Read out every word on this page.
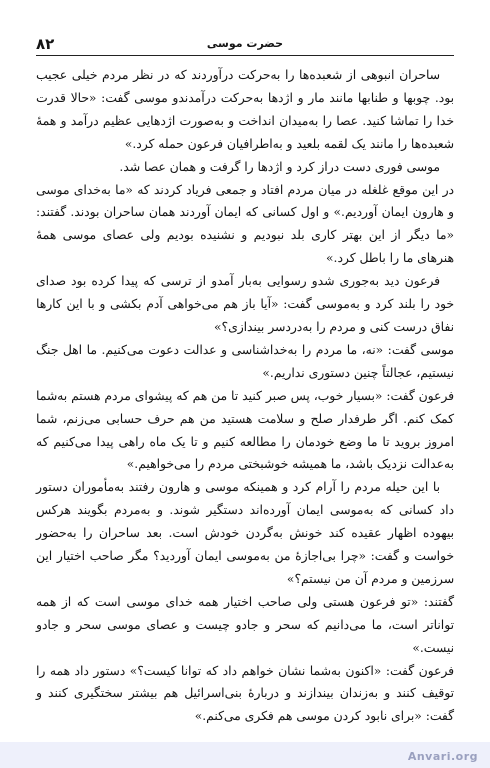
۸۲	حضرت موسی

ساحران انبوهی از شعبده‌ها را به‌حرکت درآوردند که در نظر مردم خیلی عجیب بود. چوبها و طنابها مانند مار و اژدها به‌حرکت درآمدندو موسی گفت: «حالا قدرت خدا را تماشا کنید. عصا را به‌میدان انداخت و به‌صورت اژدهایی عظیم درآمد و همهٔ شعبده‌ها را مانند یک لقمه بلعید و به‌اطرافیان فرعون حمله کرد.»

موسی فوری دست دراز کرد و اژدها را گرفت و همان عصا شد.

در این موقع غلغله در میان مردم افتاد و جمعی فریاد کردند که «ما به‌خدای موسی و هارون ایمان آوردیم.» و اول کسانی که ایمان آوردند همان ساحران بودند. گفتند: «ما دیگر از این بهتر کاری بلد نبودیم و نشنیده بودیم ولی عصای موسی همهٔ هنرهای ما را باطل کرد.»

فرعون دید به‌جوری شدو رسوایی به‌بار آمدو از ترسی که پیدا کرده بود صدای خود را بلند کرد و به‌موسی گفت: «آیا باز هم می‌خواهی آدم بکشی و با این کارها نفاق درست کنی و مردم را به‌دردسر بیندازی؟»

موسی گفت: «نه، ما مردم را به‌خداشناسی و عدالت دعوت می‌کنیم. ما اهل جنگ نیستیم، عجالتاً چنین دستوری نداریم.»

فرعون گفت: «بسیار خوب، پس صبر کنید تا من هم که پیشوای مردم هستم به‌شما کمک کنم. اگر طرفدار صلح و سلامت هستید من هم حرف حسابی می‌زنم، شما امروز بروید تا ما وضع خودمان را مطالعه کنیم و تا یک ماه راهی پیدا می‌کنیم که به‌عدالت نزدیک باشد، ما همیشه خوشبختی مردم را می‌خواهیم.»

با این حیله مردم را آرام کرد و همینکه موسی و هارون رفتند به‌مأموران دستور داد کسانی که به‌موسی ایمان آورده‌اند دستگیر شوند. و به‌مردم بگویند هرکس بیهوده اظهار عقیده کند خونش به‌گردن خودش است. بعد ساحران را به‌حضور خواست و گفت: «چرا بی‌اجازهٔ من به‌موسی ایمان آوردید؟ مگر صاحب اختیار این سرزمین و مردم آن من نیستم؟»

گفتند: «تو فرعون هستی ولی صاحب اختیار همه خدای موسی است که از همه تواناتر است، ما می‌دانیم که سحر و جادو چیست و عصای موسی سحر و جادو نیست.»

فرعون گفت: «اکنون به‌شما نشان خواهم داد که توانا کیست؟» دستور داد همه را توقیف کنند و به‌زندان بیندازند و دربارهٔ بنی‌اسرائیل هم بیشتر سختگیری کنند و گفت: «برای نابود کردن موسی هم فکری می‌کنم.»

Anvari.org
